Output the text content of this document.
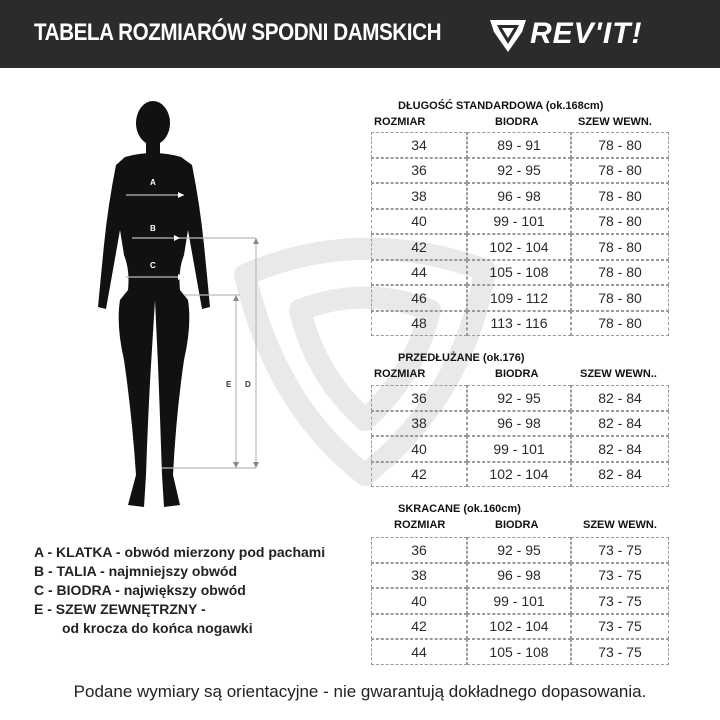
TABELA ROZMIARÓW SPODNI DAMSKICH	REV'IT!
A
B
C
D
E
DŁUGOŚĆ STANDARDOWA (ok.168cm)
ROZMIAR	BIODRA	SZEW WEWN.
34	89 - 91	78 - 80
36	92 - 95	78 - 80
38	96 - 98	78 - 80
40	99 - 101	78 - 80
42	102 - 104	78 - 80
44	105 - 108	78 - 80
46	109 - 112	78 - 80
48	113 - 116	78 - 80
PRZEDŁUŻANE (ok.176)
ROZMIAR	BIODRA	SZEW WEWN..
36	92 - 95	82 - 84
38	96 - 98	82 - 84
40	99 - 101	82 - 84
42	102 - 104	82 - 84
SKRACANE (ok.160cm)
ROZMIAR	BIODRA	SZEW WEWN.
36	92 - 95	73 - 75
38	96 - 98	73 - 75
40	99 - 101	73 - 75
42	102 - 104	73 - 75
44	105 - 108	73 - 75
A - KLATKA - obwód mierzony pod pachami
B - TALIA - najmniejszy obwód
C - BIODRA - największy obwód
E - SZEW ZEWNĘTRZNY -
od krocza do końca nogawki
Podane wymiary są orientacyjne - nie gwarantują dokładnego dopasowania.
